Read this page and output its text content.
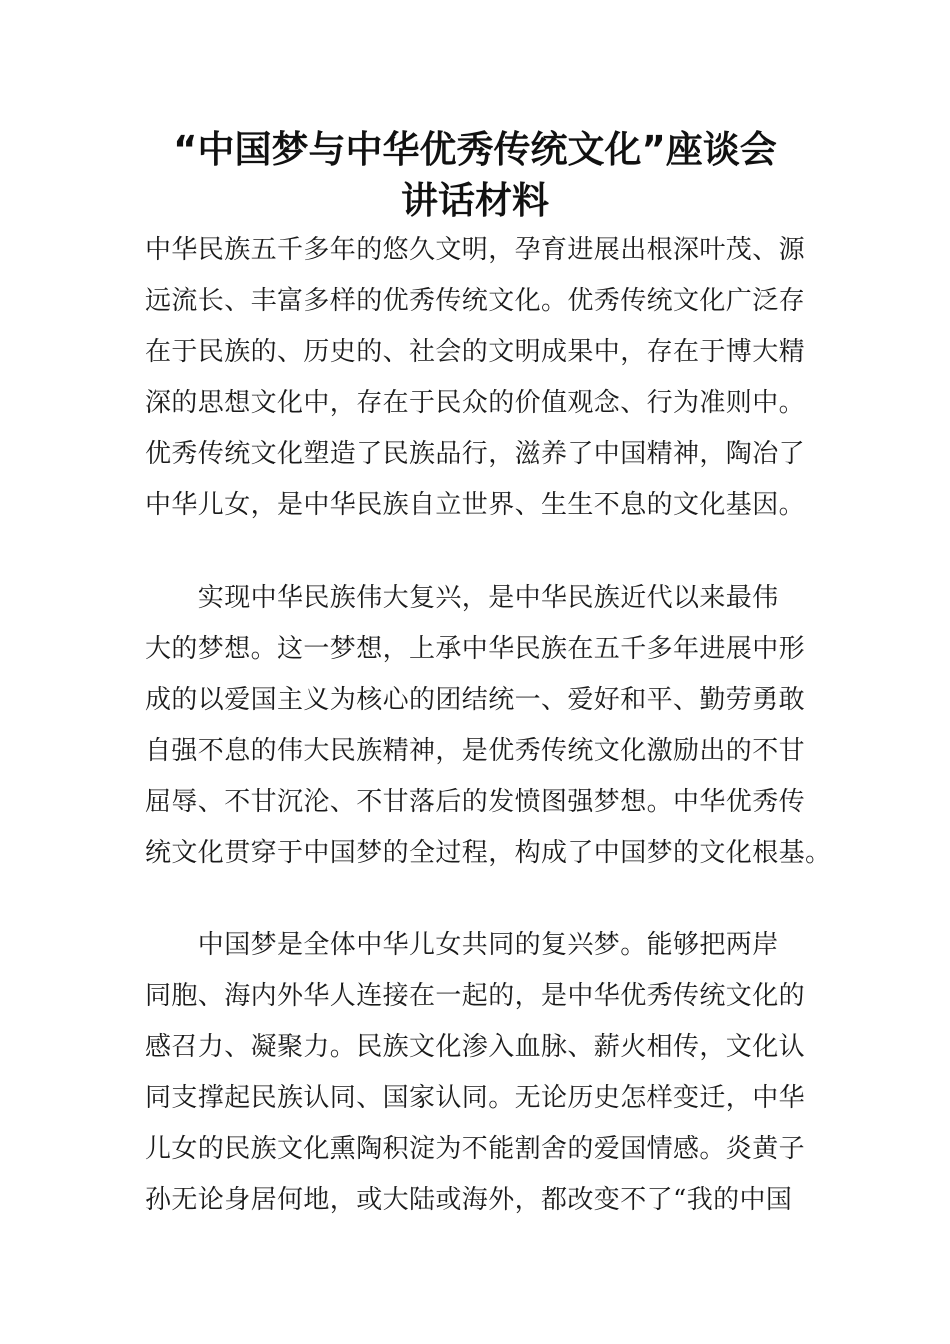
“中国梦与中华优秀传统文化”座谈会
讲话材料
中华民族五千多年的悠久文明，孕育进展出根深叶茂、源
远流长、丰富多样的优秀传统文化。优秀传统文化广泛存
在于民族的、历史的、社会的文明成果中，存在于博大精
深的思想文化中，存在于民众的价值观念、行为准则中。
优秀传统文化塑造了民族品行，滋养了中国精神，陶冶了
中华儿女，是中华民族自立世界、生生不息的文化基因。
　　实现中华民族伟大复兴，是中华民族近代以来最伟
大的梦想。这一梦想，上承中华民族在五千多年进展中形
成的以爱国主义为核心的团结统一、爱好和平、勤劳勇敢
自强不息的伟大民族精神，是优秀传统文化激励出的不甘
屈辱、不甘沉沦、不甘落后的发愤图强梦想。中华优秀传
统文化贯穿于中国梦的全过程，构成了中国梦的文化根基。
　　中国梦是全体中华儿女共同的复兴梦。能够把两岸
同胞、海内外华人连接在一起的，是中华优秀传统文化的
感召力、凝聚力。民族文化渗入血脉、薪火相传，文化认
同支撑起民族认同、国家认同。无论历史怎样变迁，中华
儿女的民族文化熏陶积淀为不能割舍的爱国情感。炎黄子
孙无论身居何地，或大陆或海外，都改变不了“我的中国
